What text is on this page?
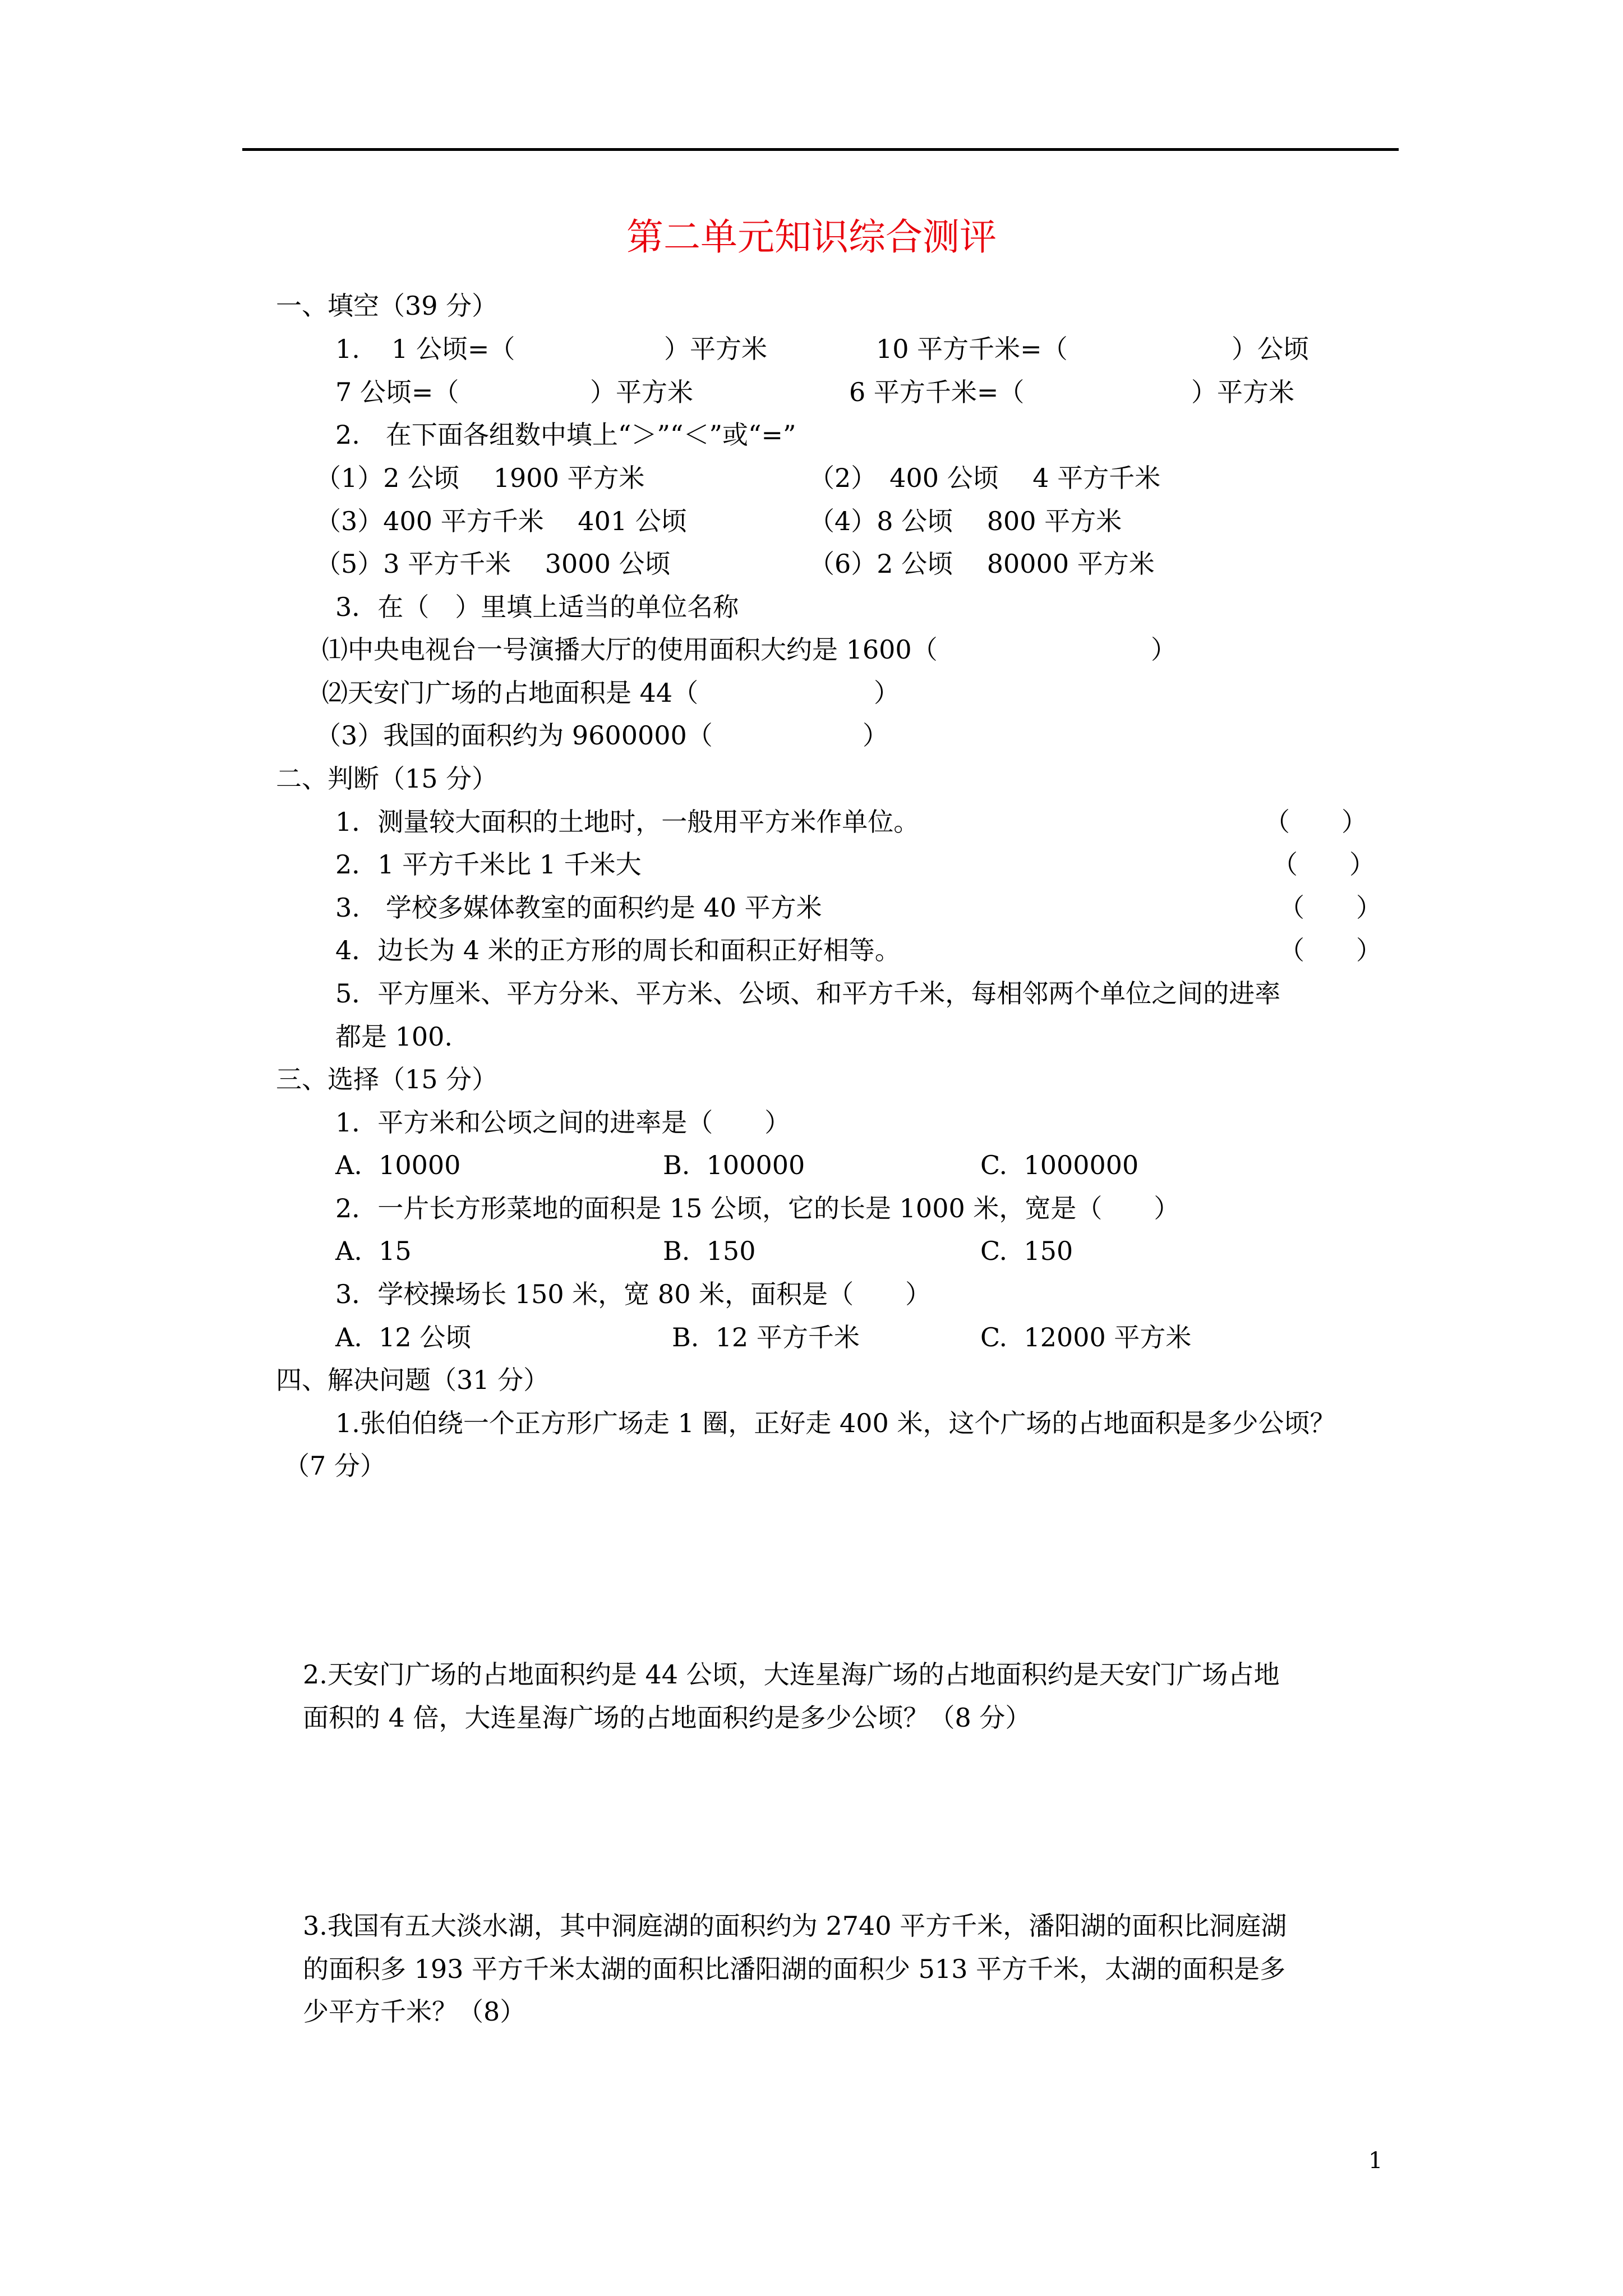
第二单元知识综合测评
一、填空（39 分）
1. 1 公顷=（	）平方米	10 平方千米=（	）公顷
7 公顷=（	）平方米	6 平方千米=（	）平方米
2.　在下面各组数中填上“＞”“＜”或“=”
（1）2 公顷　 1900 平方米	（2）　400 公顷　 4 平方千米
（3）400 平方千米　 401 公顷	（4）8 公顷　 800 平方米
（5）3 平方千米　 3000 公顷	（6）2 公顷　 80000 平方米
3．在（　）里填上适当的单位名称
⑴中央电视台一号演播大厅的使用面积大约是 1600（	）
⑵天安门广场的占地面积是 44（	）
（3）我国的面积约为 9600000（	）
二、判断（15 分）
1．测量较大面积的土地时，一般用平方米作单位。	（　　）
2．1 平方千米比 1 千米大	（　　）
3.　学校多媒体教室的面积约是 40 平方米	（　　）
4．边长为 4 米的正方形的周长和面积正好相等。	（　　）
5．平方厘米、平方分米、平方米、公顷、和平方千米，每相邻两个单位之间的进率
都是 100.
三、选择（15 分）
1．平方米和公顷之间的进率是（　　）
A.  10000	B.  100000	C.  1000000
2．一片长方形菜地的面积是 15 公顷，它的长是 1000 米，宽是（　　）
A.  15	B.  150	C.  150
3．学校操场长 150 米，宽 80 米，面积是（　　）
A.  12 公顷	B.  12 平方千米	C.  12000 平方米
四、解决问题（31 分）
1.张伯伯绕一个正方形广场走 1 圈，正好走 400 米，这个广场的占地面积是多少公顷？
（7 分）
2.天安门广场的占地面积约是 44 公顷，大连星海广场的占地面积约是天安门广场占地
面积的 4 倍，大连星海广场的占地面积约是多少公顷？（8 分）
3.我国有五大淡水湖，其中洞庭湖的面积约为 2740 平方千米，潘阳湖的面积比洞庭湖
的面积多 193 平方千米太湖的面积比潘阳湖的面积少 513 平方千米，太湖的面积是多
少平方千米？（8）
1
